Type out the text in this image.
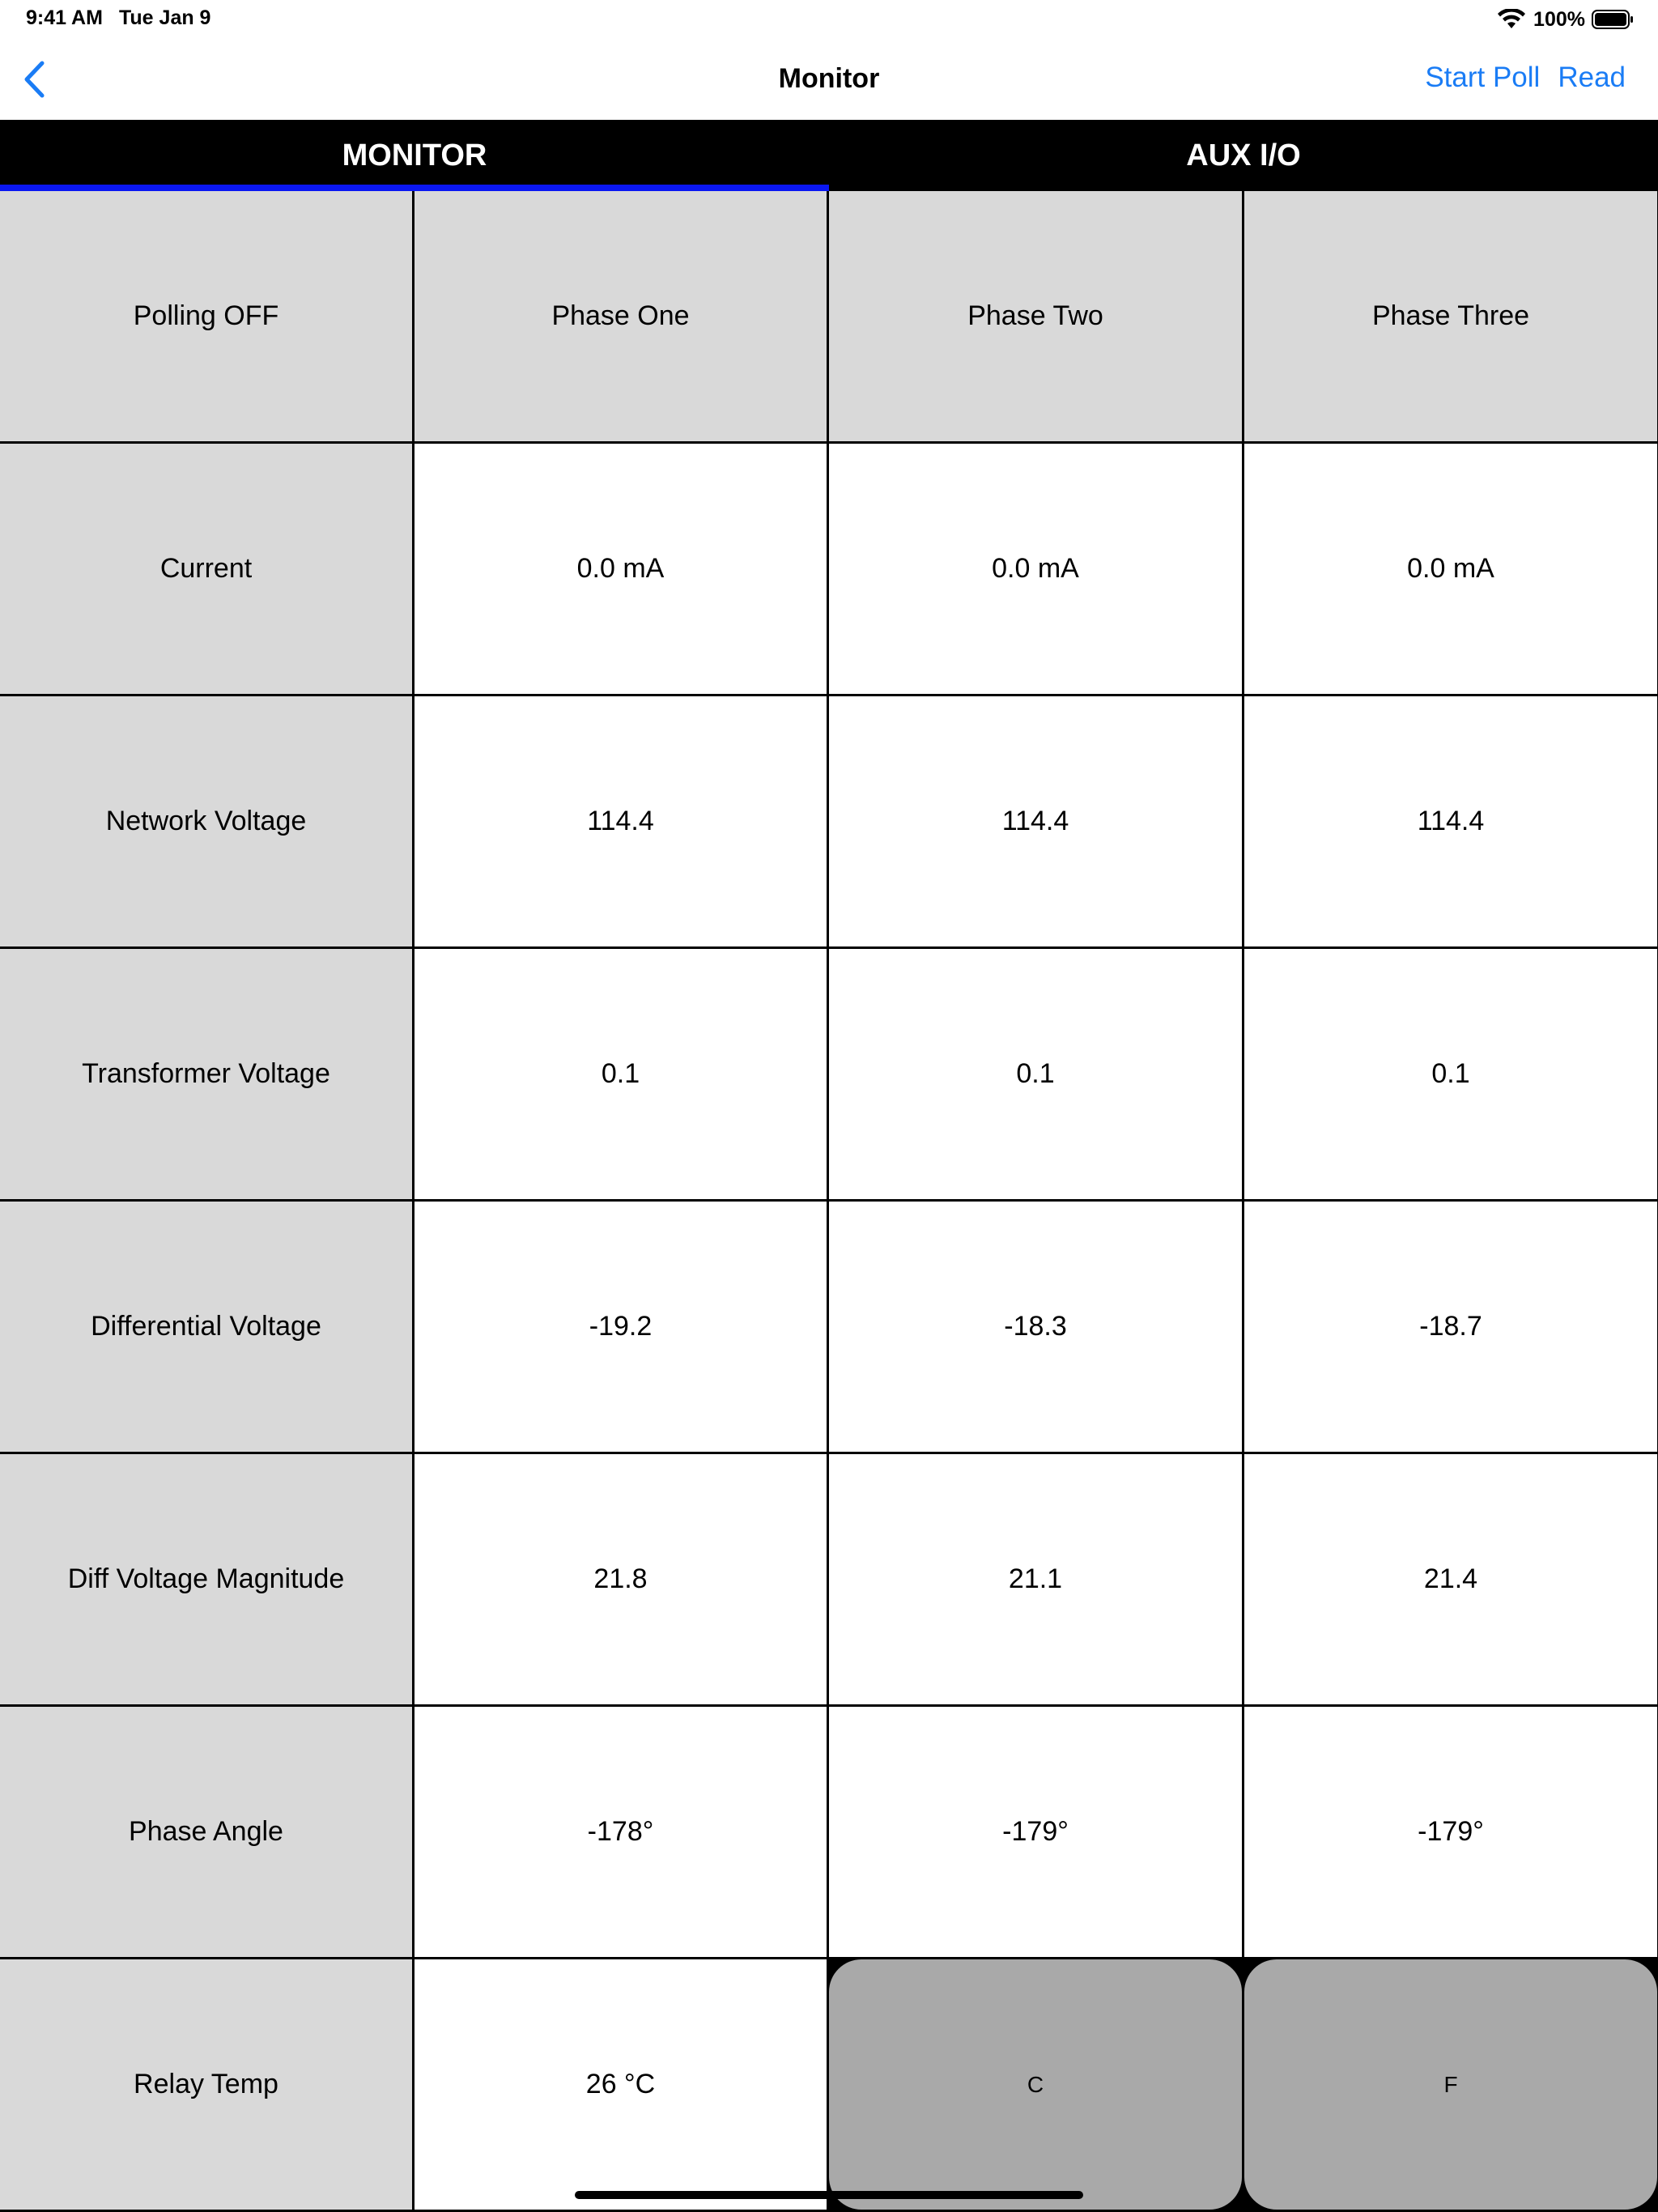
9:41 AM Tue Jan 9	100%
Monitor	Start Poll Read
MONITOR	AUX I/O
Polling OFF	Phase One	Phase Two	Phase Three
Current	0.0 mA	0.0 mA	0.0 mA
Network Voltage	114.4	114.4	114.4
Transformer Voltage	0.1	0.1	0.1
Differential Voltage	-19.2	-18.3	-18.7
Diff Voltage Magnitude	21.8	21.1	21.4
Phase Angle	-178°	-179°	-179°
Relay Temp	26 °C	C	F
